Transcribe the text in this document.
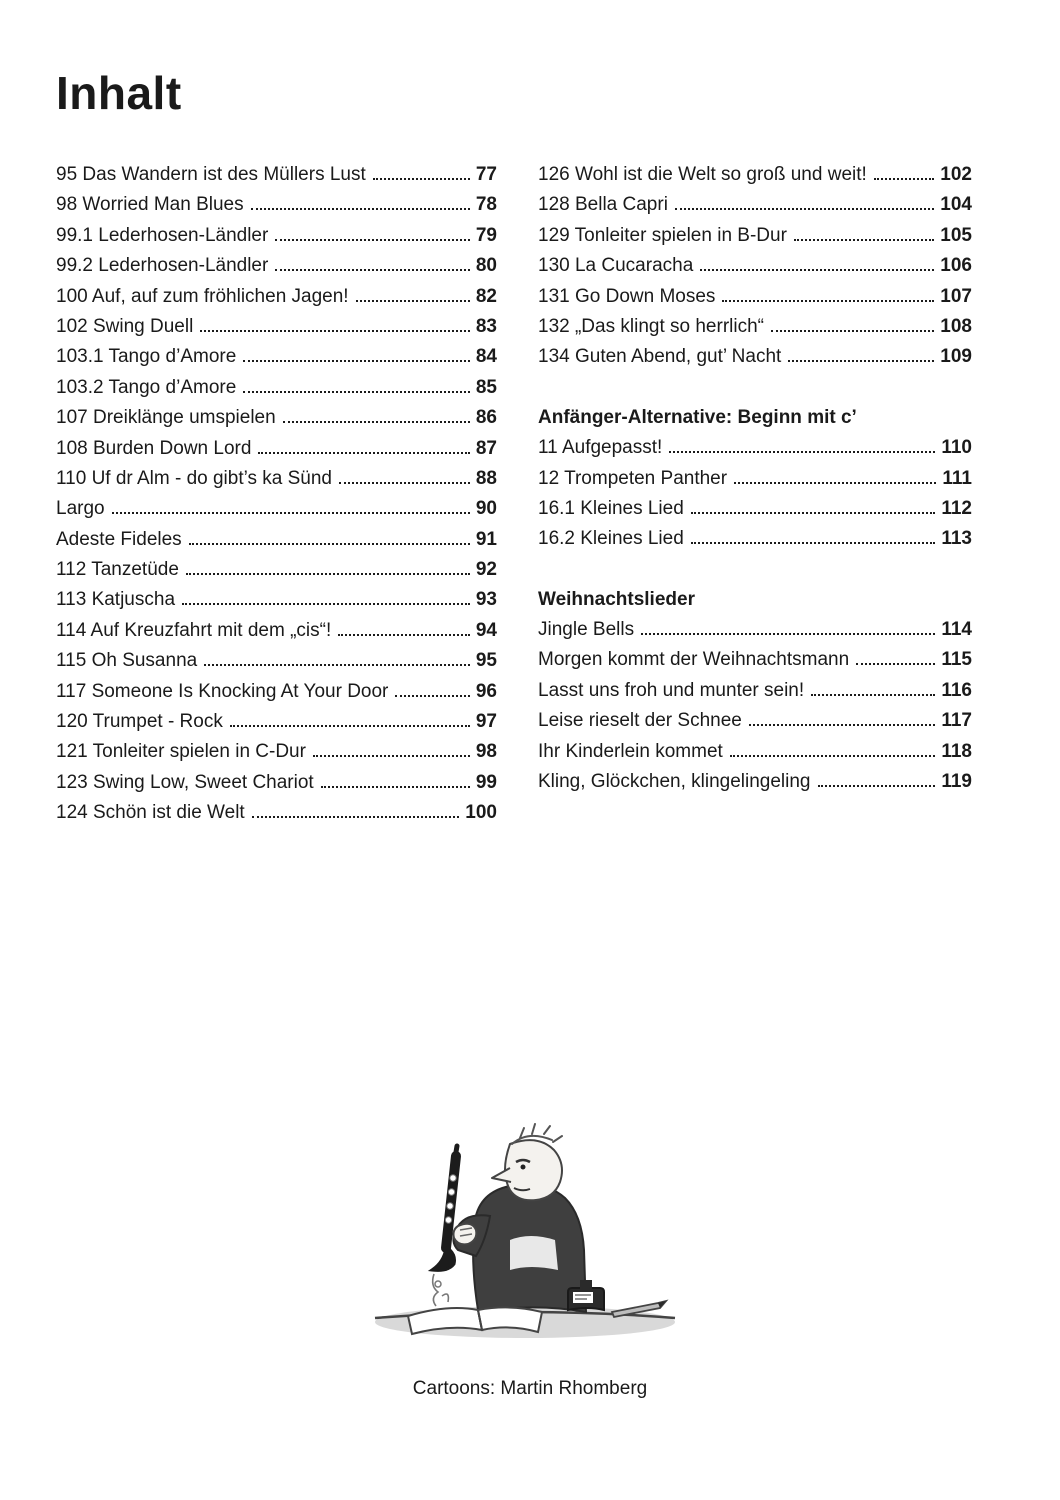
Inhalt
95 Das Wandern ist des Müllers Lust	77
98 Worried Man Blues	78
99.1 Lederhosen-Ländler	79
99.2 Lederhosen-Ländler	80
100 Auf, auf zum fröhlichen Jagen!	82
102 Swing Duell	83
103.1 Tango d’Amore	84
103.2 Tango d’Amore	85
107 Dreiklänge umspielen	86
108 Burden Down Lord	87
110 Uf dr Alm - do gibt’s ka Sünd	88
Largo	90
Adeste Fideles	91
112 Tanzetüde	92
113 Katjuscha	93
114 Auf Kreuzfahrt mit dem „cis“!	94
115 Oh Susanna	95
117 Someone Is Knocking At Your Door	96
120 Trumpet - Rock	97
121 Tonleiter spielen in C-Dur	98
123 Swing Low, Sweet Chariot	99
124 Schön ist die Welt	100
126 Wohl ist die Welt so groß und weit!	102
128 Bella Capri	104
129 Tonleiter spielen in B-Dur	105
130 La Cucaracha	106
131 Go Down Moses	107
132 „Das klingt so herrlich“	108
134 Guten Abend, gut’ Nacht	109
Anfänger-Alternative: Beginn mit c’
11 Aufgepasst!	110
12 Trompeten Panther	111
16.1 Kleines Lied	112
16.2 Kleines Lied	113
Weihnachtslieder
Jingle Bells	114
Morgen kommt der Weihnachtsmann	115
Lasst uns froh und munter sein!	116
Leise rieselt der Schnee	117
Ihr Kinderlein kommet	118
Kling, Glöckchen, klingelingeling	119
Cartoons: Martin Rhomberg
